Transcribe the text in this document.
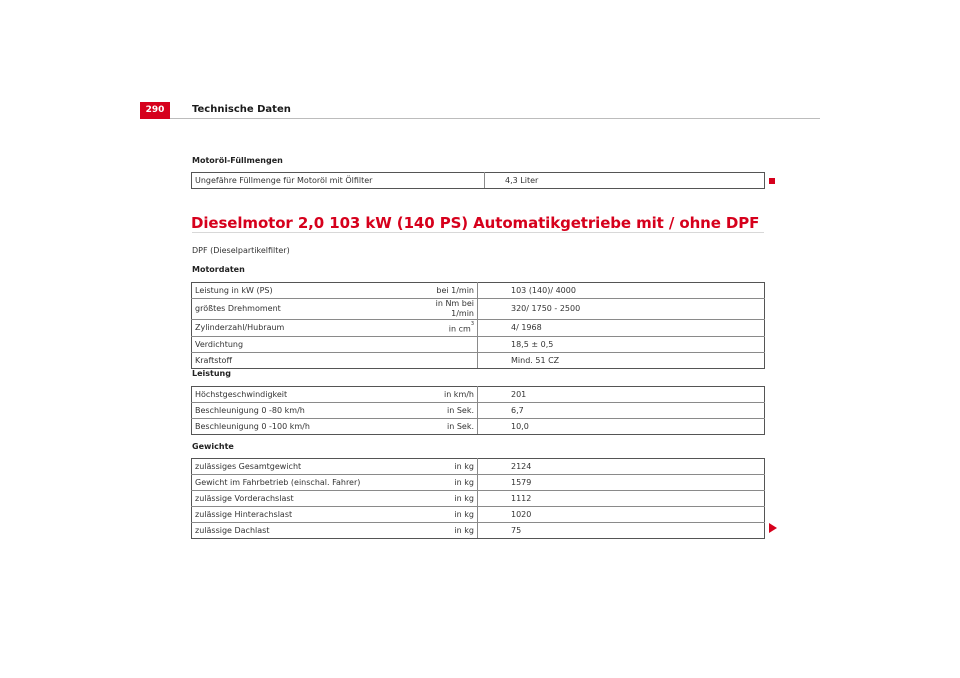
290	Technische Daten
Motoröl-Füllmengen
Ungefähre Füllmenge für Motoröl mit Ölfilter	4,3 Liter
Dieselmotor 2,0 103 kW (140 PS) Automatikgetriebe mit / ohne DPF
DPF (Dieselpartikelfilter)
Motordaten
Leistung in kW (PS)	bei 1/min	103 (140)/ 4000
größtes Drehmoment	in Nm bei 1/min	320/ 1750 - 2500
Zylinderzahl/Hubraum	in $cm^3$	4/ 1968
Verdichtung		18,5 ± 0,5
Kraftstoff		Mind. 51 CZ
Leistung
Höchstgeschwindigkeit	in km/h	201
Beschleunigung 0 -80 km/h	in Sek.	6,7
Beschleunigung 0 -100 km/h	in Sek.	10,0
Gewichte
zulässiges Gesamtgewicht	in kg	2124
Gewicht im Fahrbetrieb (einschal. Fahrer)	in kg	1579
zulässige Vorderachslast	in kg	1112
zulässige Hinterachslast	in kg	1020
zulässige Dachlast	in kg	75
